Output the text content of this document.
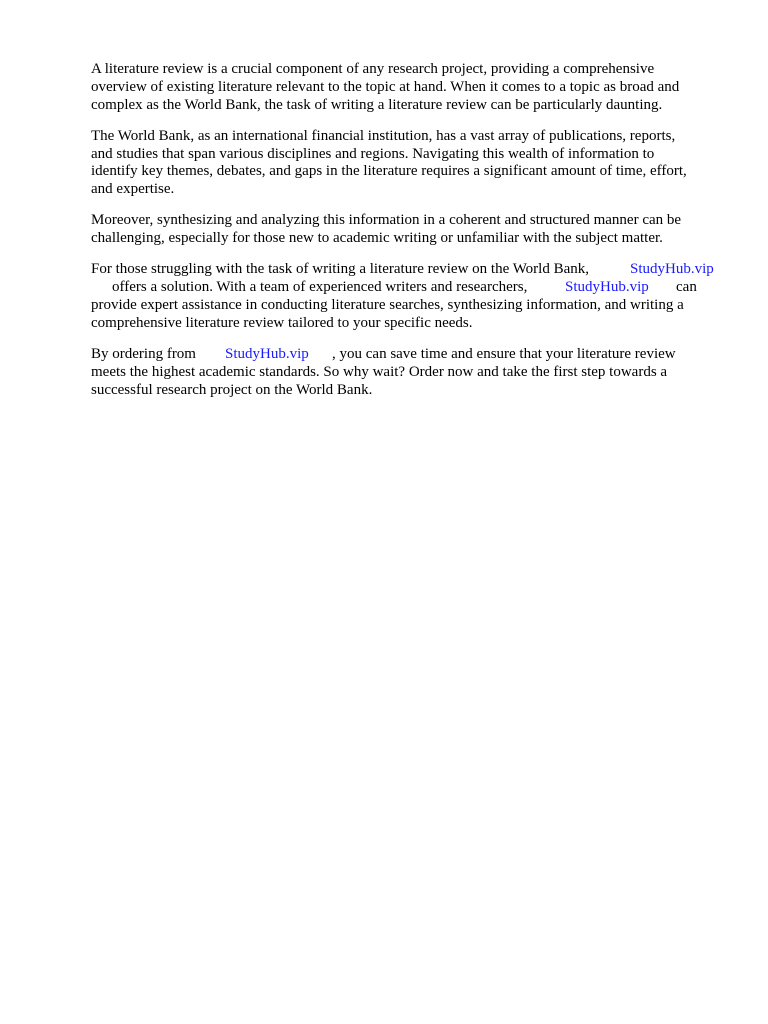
A literature review is a crucial component of any research project, providing a comprehensive
overview of existing literature relevant to the topic at hand. When it comes to a topic as broad and
complex as the World Bank, the task of writing a literature review can be particularly daunting.
The World Bank, as an international financial institution, has a vast array of publications, reports,
and studies that span various disciplines and regions. Navigating this wealth of information to
identify key themes, debates, and gaps in the literature requires a significant amount of time, effort,
and expertise.
Moreover, synthesizing and analyzing this information in a coherent and structured manner can be
challenging, especially for those new to academic writing or unfamiliar with the subject matter.

For those struggling with the task of writing a literature review on the World Bank,

	StudyHub.vip

offers a solution. With a team of experienced writers and researchers,

	StudyHub.vip

can

provide expert assistance in conducting literature searches, synthesizing information, and writing a
comprehensive literature review tailored to your specific needs.

By ordering from

StudyHub.vip

, you can save time and ensure that your literature review

meets the highest academic standards. So why wait? Order now and take the first step towards a
successful research project on the World Bank.
